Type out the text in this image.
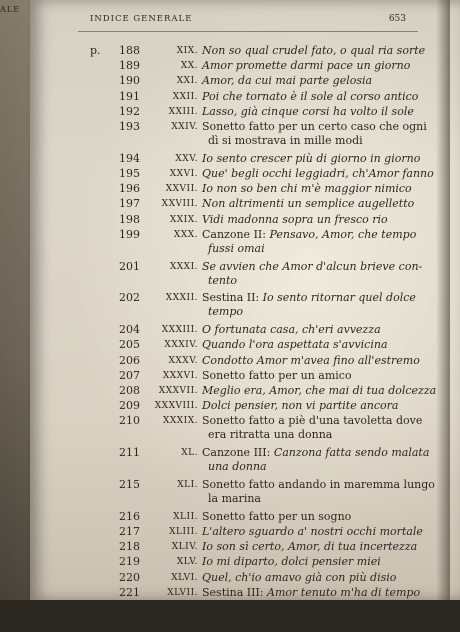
ALE
INDICE GENERALE	653
p. 188	XIX. Non so qual crudel fato, o qual ria sorte
189	XX. Amor promette darmi pace un giorno
190	XXI. Amor, da cui mai parte gelosia
191	XXII. Poi che tornato è il sole al corso antico
192	XXIII. Lasso, già cinque corsi ha volto il sole
193	XXIV. Sonetto fatto per un certo caso che ogni
dì si mostrava in mille modi
194	XXV. Io sento crescer più di giorno in giorno
195	XXVI. Que' begli occhi leggiadri, ch'Amor fanno
196	XXVII. Io non so ben chi m'è maggior nimico
197	XXVIII. Non altrimenti un semplice augelletto
198	XXIX. Vidi madonna sopra un fresco rio
199	XXX. Canzone II: Pensavo, Amor, che tempo
fussi omai
201	XXXI. Se avvien che Amor d'alcun brieve con-
tento
202	XXXII. Sestina II: Io sento ritornar quel dolce
tempo
204	XXXIII. O fortunata casa, ch'eri avvezza
205	XXXIV. Quando l'ora aspettata s'avvicina
206	XXXV. Condotto Amor m'avea fino all'estremo
207	XXXVI. Sonetto fatto per un amico
208	XXXVII. Meglio era, Amor, che mai di tua dolcezza
209	XXXVIII. Dolci pensier, non vi partite ancora
210	XXXIX. Sonetto fatto a piè d'una tavoletta dove
era ritratta una donna
211	XL. Canzone III: Canzona fatta sendo malata
una donna
215	XLI. Sonetto fatto andando in maremma lungo
la marina
216	XLII. Sonetto fatto per un sogno
217	XLIII. L'altero sguardo a' nostri occhi mortale
218	XLIV. Io son sì certo, Amor, di tua incertezza
219	XLV. Io mi diparto, dolci pensier miei
220	XLVI. Quel, ch'io amavo già con più disio
221	XLVII. Sestina III: Amor tenuto m'ha di tempo
in tempo
223	XLVIII. Quanto sia vana ogni speranza nostra
